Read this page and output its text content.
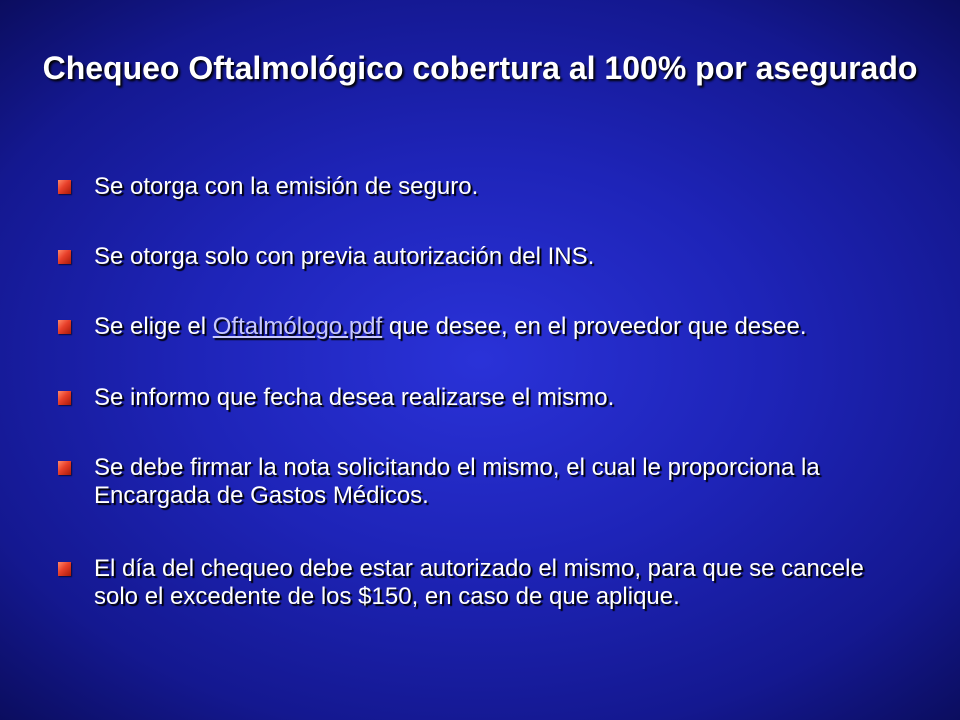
Chequeo Oftalmológico cobertura al 100% por asegurado
Se otorga con la emisión de seguro.
Se otorga solo con previa autorización del INS.
Se elige el Oftalmólogo.pdf que desee, en el proveedor que desee.
Se informo que fecha desea realizarse el mismo.
Se debe firmar la nota solicitando el mismo, el cual le proporciona la Encargada de Gastos Médicos.
El día del chequeo debe estar autorizado el mismo, para que se cancele solo el excedente de los $150, en caso de que aplique.
